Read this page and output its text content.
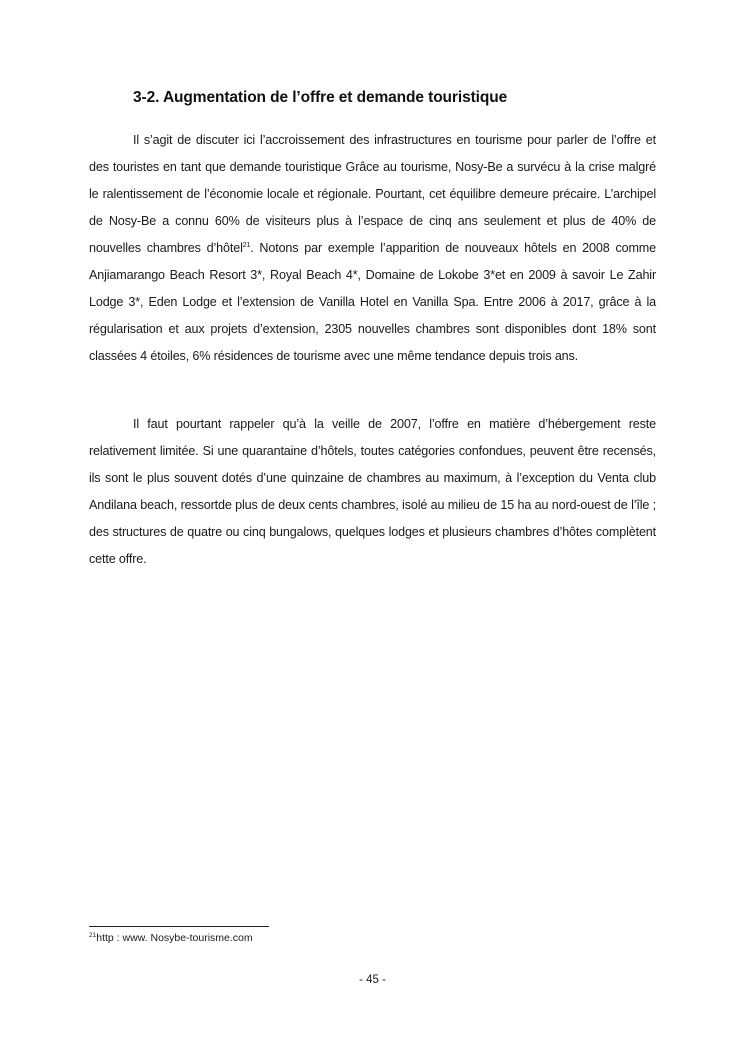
3-2. Augmentation de l’offre et demande touristique

Il s’agit de discuter ici l’accroissement des infrastructures en tourisme pour parler de l’offre et des touristes en tant que demande touristique Grâce au tourisme, Nosy-Be a survécu à la crise malgré le ralentissement de l’économie locale et régionale. Pourtant, cet équilibre demeure précaire. L’archipel de Nosy-Be a connu 60% de visiteurs plus à l’espace de cinq ans seulement et plus de 40% de nouvelles chambres d’hôtel$^{21}$. Notons par exemple l’apparition de nouveaux hôtels en 2008 comme Anjiamarango Beach Resort 3*, Royal Beach 4*, Domaine de Lokobe 3*et en 2009 à savoir Le Zahir Lodge 3*, Eden Lodge et l’extension de Vanilla Hotel en Vanilla Spa. Entre 2006 à 2017, grâce à la régularisation et aux projets d’extension, 2305 nouvelles chambres sont disponibles dont 18% sont classées 4 étoiles, 6% résidences de tourisme avec une même tendance depuis trois ans.

Il faut pourtant rappeler qu’à la veille de 2007, l’offre en matière d’hébergement reste relativement limitée. Si une quarantaine d’hôtels, toutes catégories confondues, peuvent être recensés, ils sont le plus souvent dotés d’une quinzaine de chambres au maximum, à l’exception du Venta club Andilana beach, ressortde plus de deux cents chambres, isolé au milieu de 15 ha au nord-ouest de l’île ; des structures de quatre ou cinq bungalows, quelques lodges et plusieurs chambres d’hôtes complètent cette offre.

$^{21}$http : www. Nosybe-tourisme.com
- 45 -
